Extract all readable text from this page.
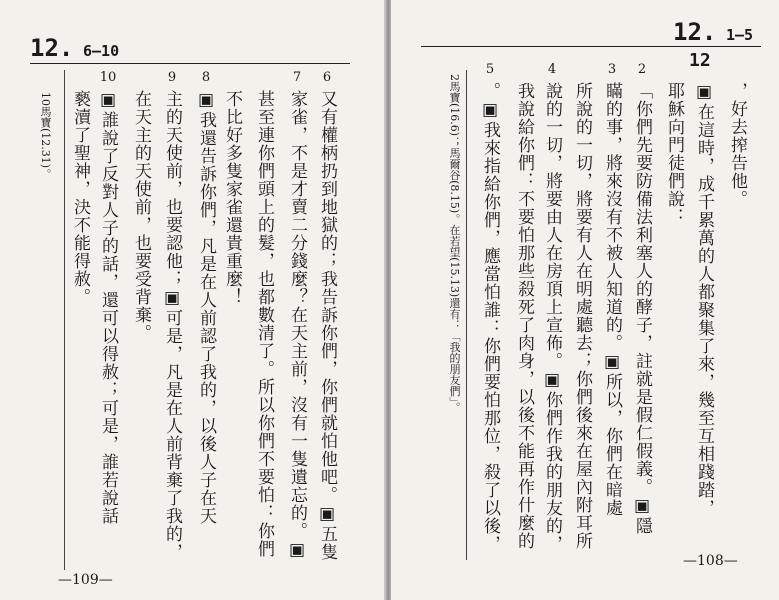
12. 6—10
10馬寶(12.31)。
6
又有權柄扔到地獄的；我告訴你們，你們就怕他吧。▣五隻
7
家雀，不是才賣二分錢麼？在天主前，沒有一隻遺忘的。▣
甚至連你們頭上的髮，也都數清了。所以你們不要怕：你們
不比好多隻家雀還貴重麼！
8
▣我還告訴你們，凡是在人前認了我的，以後人子在天
9
主的天使前，也要認他；▣可是，凡是在人前背棄了我的，
在天主的天使前，也要受背棄。
10
▣誰說了反對人子的話，還可以得赦；可是，誰若說話
褻瀆了聖神，決不能得赦。
—109—
12. 1—5
12
，好去搾告他。
▣在這時，成千累萬的人都聚集了來，幾至互相踐踏，
耶穌向門徒們說：
2
「你們先要防備法利塞人的酵子，註就是假仁假義。▣隱
3
瞞的事，將來沒有不被人知道的。▣所以，你們在暗處
所說的一切，將要有人在明處聽去；你們後來在屋內附耳所
4
說的一切，將要由人在房頂上宣佈。▣你們作我的朋友的，
我說給你們：不要怕那些殺死了肉身，以後不能再作什麼的
5
。▣我來指給你們，應當怕誰：你們要怕那位，殺了以後，
2馬寶(16.6)；馬爾谷(8.15)。在若望(15.13)還有：「我的朋友們」。
—108—
